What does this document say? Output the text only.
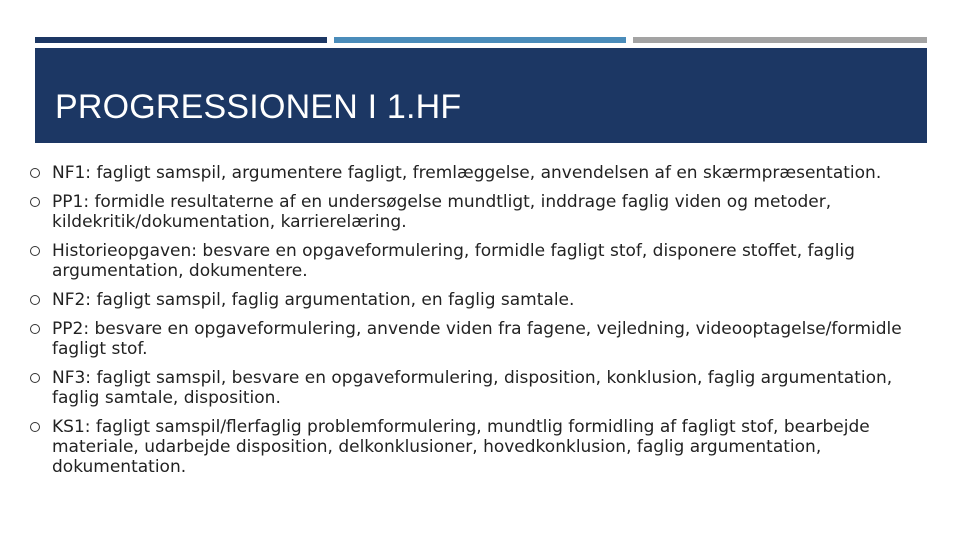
PROGRESSIONEN I 1.HF
NF1: fagligt samspil, argumentere fagligt, fremlæggelse, anvendelsen af en skærmpræsentation.
PP1: formidle resultaterne af en undersøgelse mundtligt, inddrage faglig viden og metoder, kildekritik/dokumentation, karrierelæring.
Historieopgaven: besvare en opgaveformulering, formidle fagligt stof, disponere stoffet, faglig argumentation, dokumentere.
NF2: fagligt samspil, faglig argumentation, en faglig samtale.
PP2: besvare en opgaveformulering, anvende viden fra fagene, vejledning, videooptagelse/formidle fagligt stof.
NF3: fagligt samspil, besvare en opgaveformulering, disposition, konklusion, faglig argumentation, faglig samtale, disposition.
KS1: fagligt samspil/flerfaglig problemformulering, mundtlig formidling af fagligt stof, bearbejde materiale, udarbejde disposition, delkonklusioner, hovedkonklusion, faglig argumentation, dokumentation.
